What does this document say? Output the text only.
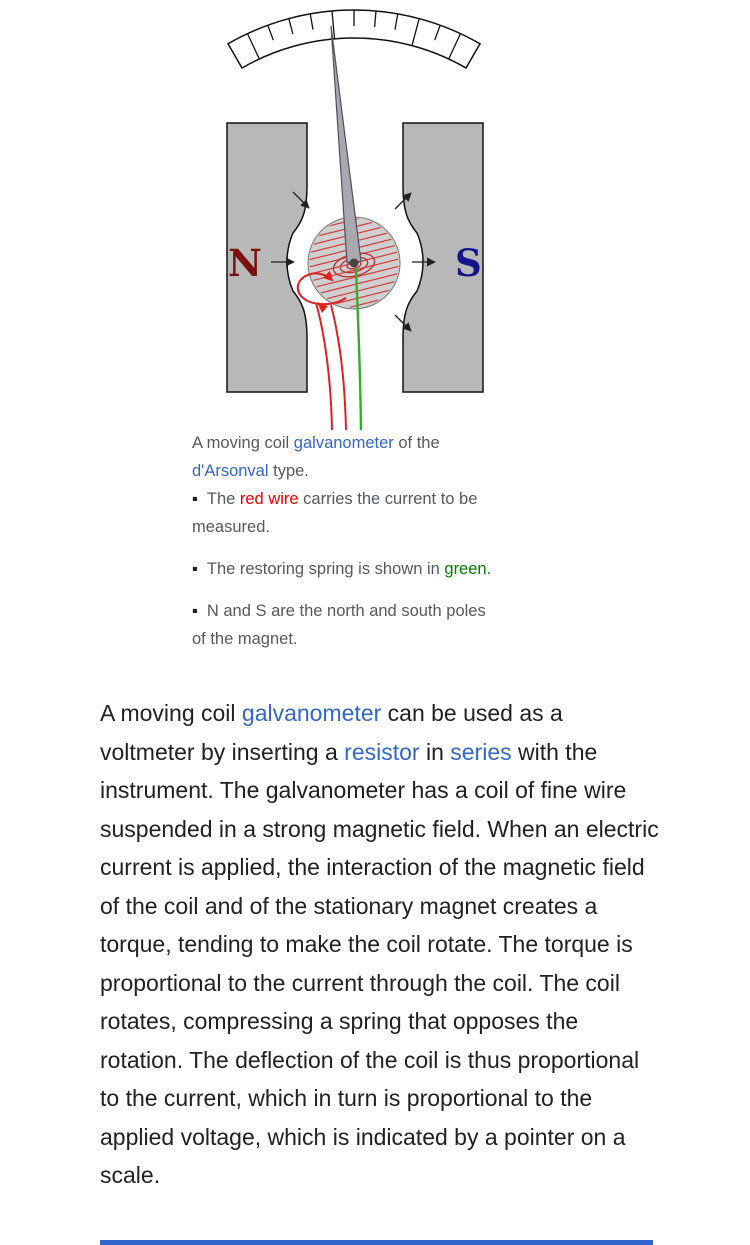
N	S

A moving coil galvanometer of the d'Arsonval type.

▪ The red wire carries the current to be measured.

▪ The restoring spring is shown in green.

▪ N and S are the north and south poles of the magnet.

A moving coil galvanometer can be used as a voltmeter by inserting a resistor in series with the instrument. The galvanometer has a coil of fine wire suspended in a strong magnetic field. When an electric current is applied, the interaction of the magnetic field of the coil and of the stationary magnet creates a torque, tending to make the coil rotate. The torque is proportional to the current through the coil. The coil rotates, compressing a spring that opposes the rotation. The deflection of the coil is thus proportional to the current, which in turn is proportional to the applied voltage, which is indicated by a pointer on a scale.
